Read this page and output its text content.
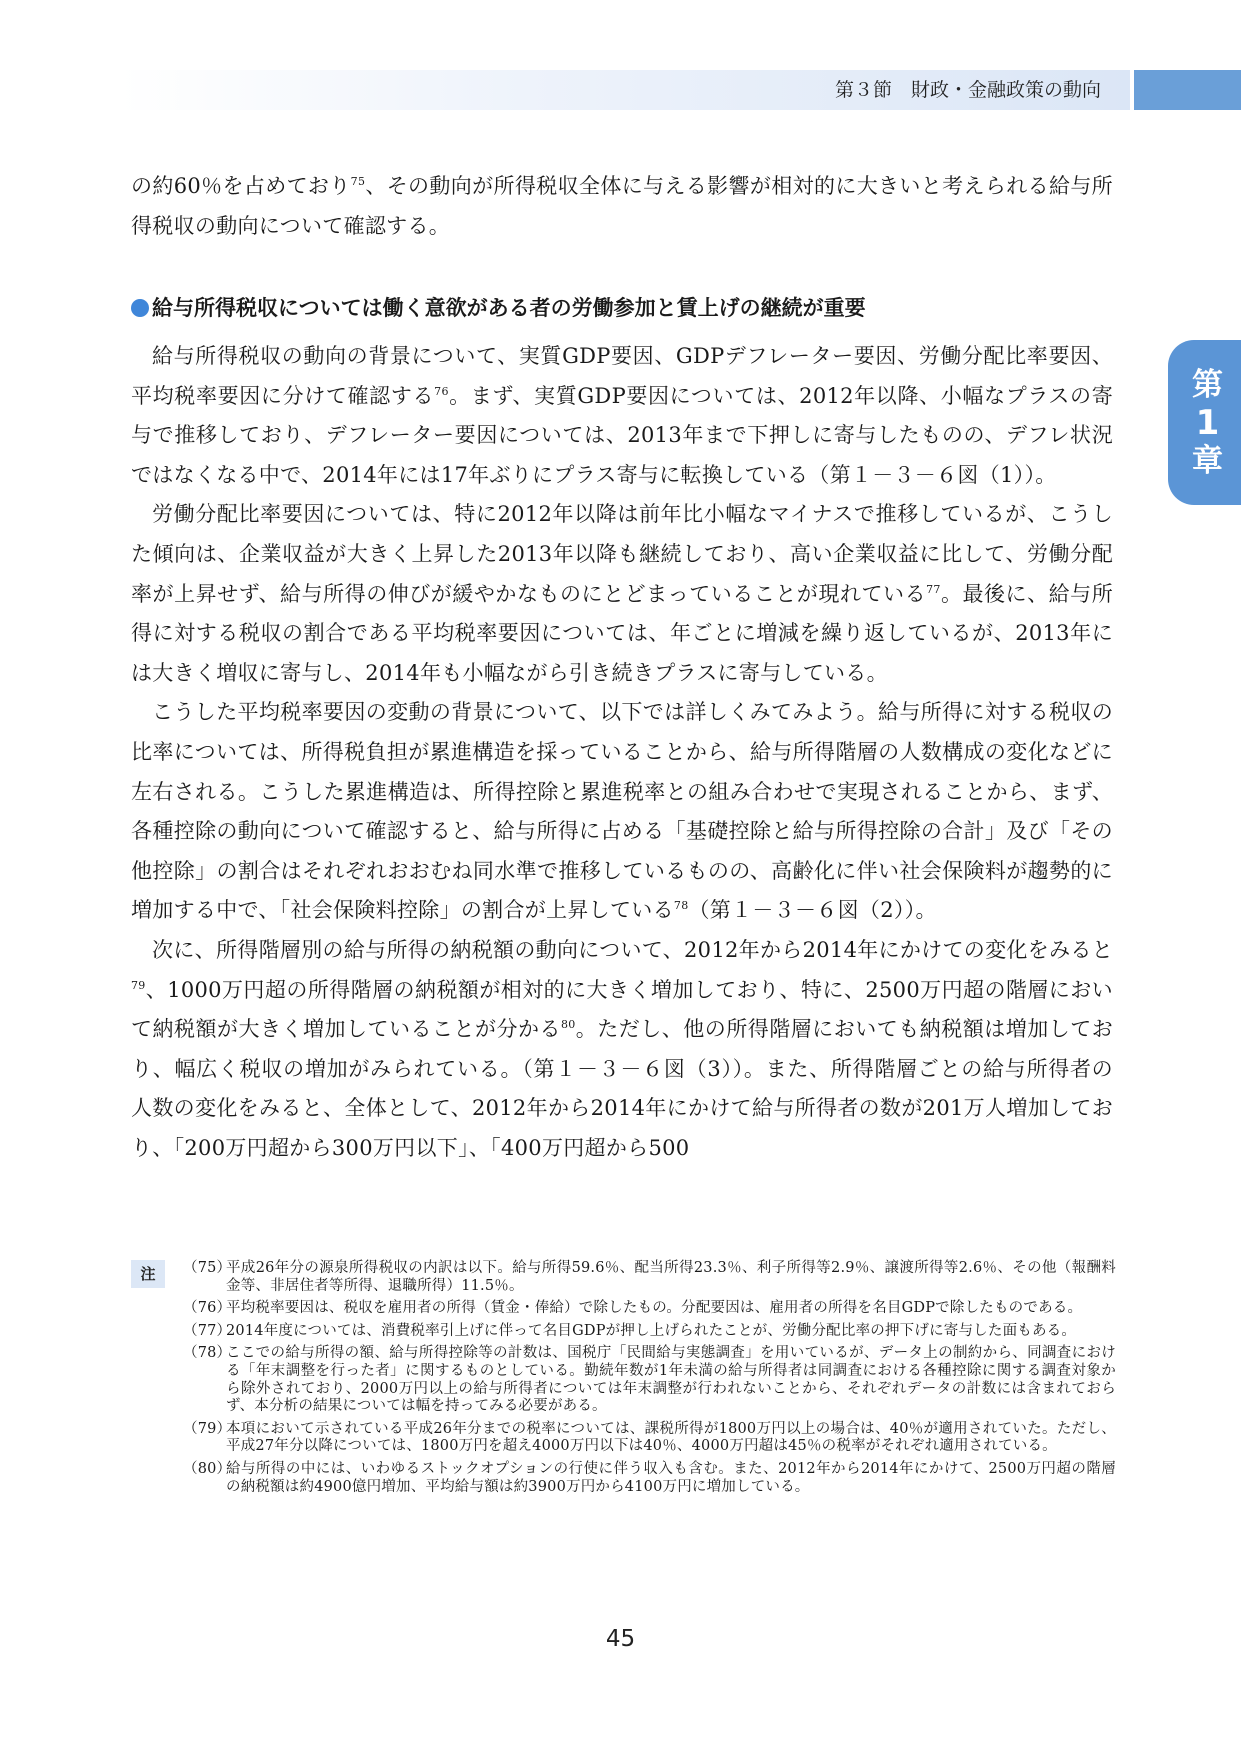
第３節　財政・金融政策の動向
第
1
章

の約60％を占めており$^{75}$、その動向が所得税収全体に与える影響が相対的に大きいと考えられる給与所得税収の動向について確認する。

給与所得税収については働く意欲がある者の労働参加と賃上げの継続が重要

給与所得税収の動向の背景について、実質GDP要因、GDPデフレーター要因、労働分配比率要因、平均税率要因に分けて確認する$^{76}$。まず、実質GDP要因については、2012年以降、小幅なプラスの寄与で推移しており、デフレーター要因については、2013年まで下押しに寄与したものの、デフレ状況ではなくなる中で、2014年には17年ぶりにプラス寄与に転換している（第１－３－６図（1））。

労働分配比率要因については、特に2012年以降は前年比小幅なマイナスで推移しているが、こうした傾向は、企業収益が大きく上昇した2013年以降も継続しており、高い企業収益に比して、労働分配率が上昇せず、給与所得の伸びが緩やかなものにとどまっていることが現れている$^{77}$。最後に、給与所得に対する税収の割合である平均税率要因については、年ごとに増減を繰り返しているが、2013年には大きく増収に寄与し、2014年も小幅ながら引き続きプラスに寄与している。

こうした平均税率要因の変動の背景について、以下では詳しくみてみよう。給与所得に対する税収の比率については、所得税負担が累進構造を採っていることから、給与所得階層の人数構成の変化などに左右される。こうした累進構造は、所得控除と累進税率との組み合わせで実現されることから、まず、各種控除の動向について確認すると、給与所得に占める「基礎控除と給与所得控除の合計」及び「その他控除」の割合はそれぞれおおむね同水準で推移しているものの、高齢化に伴い社会保険料が趨勢的に増加する中で、「社会保険料控除」の割合が上昇している$^{78}$（第１－３－６図（2））。

次に、所得階層別の給与所得の納税額の動向について、2012年から2014年にかけての変化をみると$^{79}$、1000万円超の所得階層の納税額が相対的に大きく増加しており、特に、2500万円超の階層において納税額が大きく増加していることが分かる$^{80}$。ただし、他の所得階層においても納税額は増加しており、幅広く税収の増加がみられている。（第１－３－６図（3））。また、所得階層ごとの給与所得者の人数の変化をみると、全体として、2012年から2014年にかけて給与所得者の数が201万人増加しており、「200万円超から300万円以下」、「400万円超から500

注	（75）
平成26年分の源泉所得税収の内訳は以下。給与所得59.6％、配当所得23.3％、利子所得等2.9％、譲渡所得等2.6％、その他（報酬料金等、非居住者等所得、退職所得）11.5％。
（76）
平均税率要因は、税収を雇用者の所得（賃金・俸給）で除したもの。分配要因は、雇用者の所得を名目GDPで除したものである。
（77）
2014年度については、消費税率引上げに伴って名目GDPが押し上げられたことが、労働分配比率の押下げに寄与した面もある。
（78）
ここでの給与所得の額、給与所得控除等の計数は、国税庁「民間給与実態調査」を用いているが、データ上の制約から、同調査における「年末調整を行った者」に関するものとしている。勤続年数が1年未満の給与所得者は同調査における各種控除に関する調査対象から除外されており、2000万円以上の給与所得者については年末調整が行われないことから、それぞれデータの計数には含まれておらず、本分析の結果については幅を持ってみる必要がある。
（79）
本項において示されている平成26年分までの税率については、課税所得が1800万円以上の場合は、40％が適用されていた。ただし、平成27年分以降については、1800万円を超え4000万円以下は40％、4000万円超は45％の税率がそれぞれ適用されている。
（80）
給与所得の中には、いわゆるストックオプションの行使に伴う収入も含む。また、2012年から2014年にかけて、2500万円超の階層の納税額は約4900億円増加、平均給与額は約3900万円から4100万円に増加している。
45
